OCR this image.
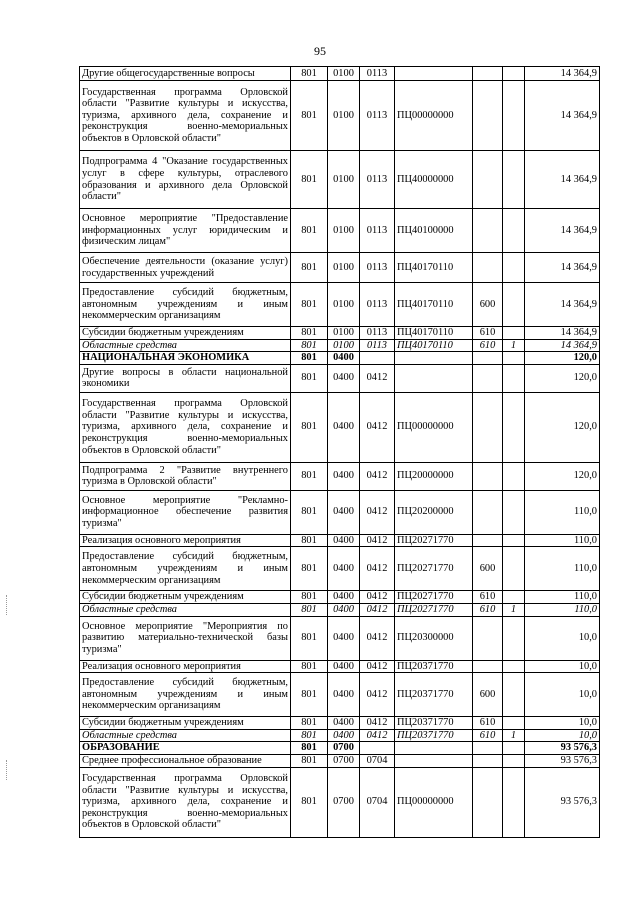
95
Другие общегосударственные вопросы	801	0100	0113				14 364,9
Государственная программа Орловской области "Развитие культуры и искусства, туризма, архивного дела, сохранение и реконструкция военно-мемориальных объектов в Орловской области"	801	0100	0113	ПЦ00000000			14 364,9
Подпрограмма 4 "Оказание государственных услуг в сфере культуры, отраслевого образования и архивного дела Орловской области"	801	0100	0113	ПЦ40000000			14 364,9
Основное мероприятие "Предоставление информационных услуг юридическим и физическим лицам"	801	0100	0113	ПЦ40100000			14 364,9
Обеспечение деятельности (оказание услуг) государственных учреждений	801	0100	0113	ПЦ40170110			14 364,9
Предоставление субсидий бюджетным, автономным учреждениям и иным некоммерческим организациям	801	0100	0113	ПЦ40170110	600		14 364,9
Субсидии бюджетным учреждениям	801	0100	0113	ПЦ40170110	610		14 364,9
Областные средства	801	0100	0113	ПЦ40170110	610	1	14 364,9
НАЦИОНАЛЬНАЯ ЭКОНОМИКА	801	0400					120,0
Другие вопросы в области национальной экономики	801	0400	0412				120,0
Государственная программа Орловской области "Развитие культуры и искусства, туризма, архивного дела, сохранение и реконструкция военно-мемориальных объектов в Орловской области"	801	0400	0412	ПЦ00000000			120,0
Подпрограмма 2 "Развитие внутреннего туризма в Орловской области"	801	0400	0412	ПЦ20000000			120,0
Основное мероприятие "Рекламно-информационное обеспечение развития туризма"	801	0400	0412	ПЦ20200000			110,0
Реализация основного мероприятия	801	0400	0412	ПЦ20271770			110,0
Предоставление субсидий бюджетным, автономным учреждениям и иным некоммерческим организациям	801	0400	0412	ПЦ20271770	600		110,0
Субсидии бюджетным учреждениям	801	0400	0412	ПЦ20271770	610		110,0
Областные средства	801	0400	0412	ПЦ20271770	610	1	110,0
Основное мероприятие "Мероприятия по развитию материально-технической базы туризма"	801	0400	0412	ПЦ20300000			10,0
Реализация основного мероприятия	801	0400	0412	ПЦ20371770			10,0
Предоставление субсидий бюджетным, автономным учреждениям и иным некоммерческим организациям	801	0400	0412	ПЦ20371770	600		10,0
Субсидии бюджетным учреждениям	801	0400	0412	ПЦ20371770	610		10,0
Областные средства	801	0400	0412	ПЦ20371770	610	1	10,0
ОБРАЗОВАНИЕ	801	0700					93 576,3
Среднее профессиональное образование	801	0700	0704				93 576,3
Государственная программа Орловской области "Развитие культуры и искусства, туризма, архивного дела, сохранение и реконструкция военно-мемориальных объектов в Орловской области"	801	0700	0704	ПЦ00000000			93 576,3
